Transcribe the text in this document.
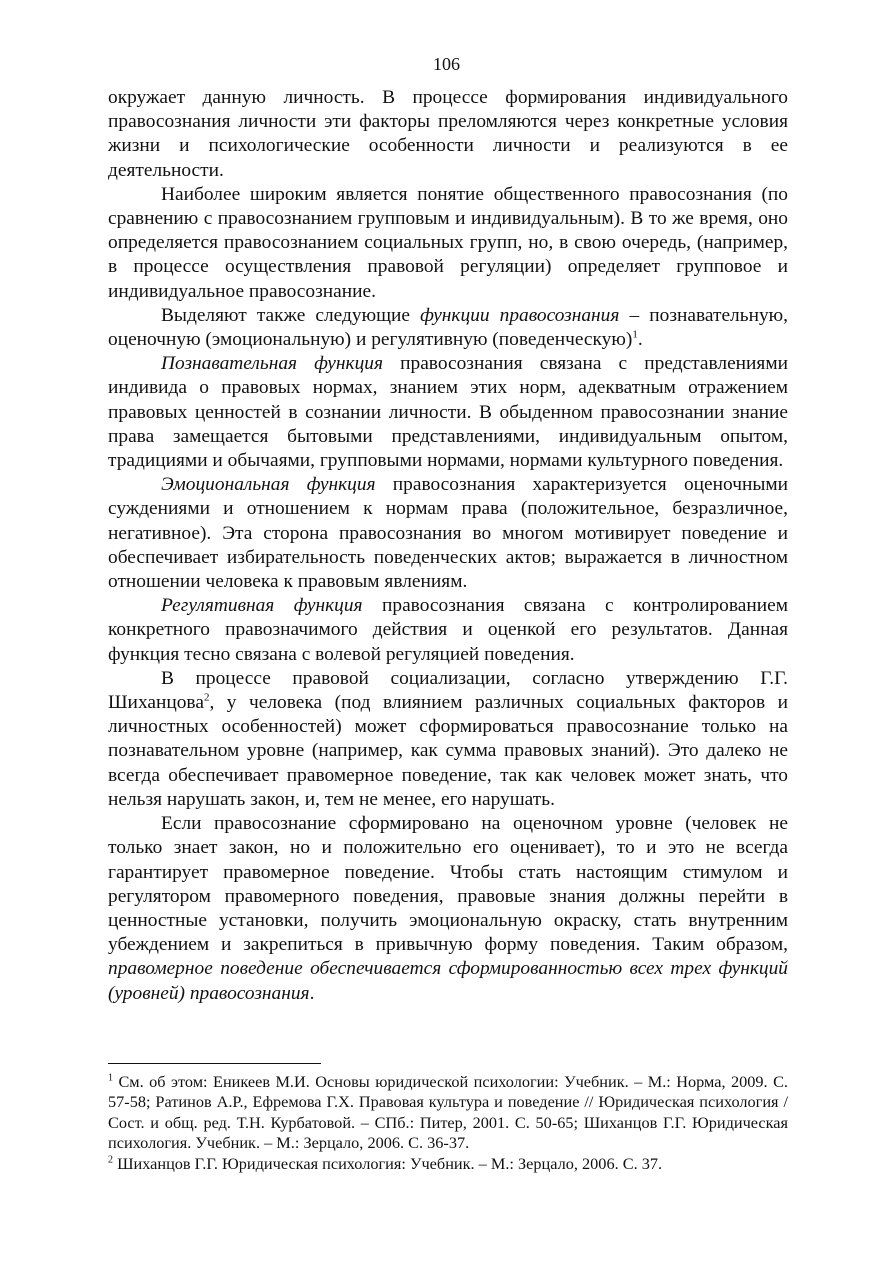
106

окружает данную личность. В процессе формирования индивидуального правосознания личности эти факторы преломляются через конкретные условия жизни и психологические особенности личности и реализуются в ее деятельности.

Наиболее широким является понятие общественного правосознания (по сравнению с правосознанием групповым и индивидуальным). В то же время, оно определяется правосознанием социальных групп, но, в свою очередь, (например, в процессе осуществления правовой регуляции) определяет групповое и индивидуальное правосознание.

Выделяют также следующие функции правосознания – познавательную, оценочную (эмоциональную) и регулятивную (поведенческую)$^1$.

Познавательная функция правосознания связана с представлениями индивида о правовых нормах, знанием этих норм, адекватным отражением правовых ценностей в сознании личности. В обыденном правосознании знание права замещается бытовыми представлениями, индивидуальным опытом, традициями и обычаями, групповыми нормами, нормами культурного поведения.

Эмоциональная функция правосознания характеризуется оценочными суждениями и отношением к нормам права (положительное, безразличное, негативное). Эта сторона правосознания во многом мотивирует поведение и обеспечивает избирательность поведенческих актов; выражается в личностном отношении человека к правовым явлениям.

Регулятивная функция правосознания связана с контролированием конкретного правозначимого действия и оценкой его результатов. Данная функция тесно связана с волевой регуляцией поведения.

В процессе правовой социализации, согласно утверждению Г.Г. Шиханцова$^2$, у человека (под влиянием различных социальных факторов и личностных особенностей) может сформироваться правосознание только на познавательном уровне (например, как сумма правовых знаний). Это далеко не всегда обеспечивает правомерное поведение, так как человек может знать, что нельзя нарушать закон, и, тем не менее, его нарушать.

Если правосознание сформировано на оценочном уровне (человек не только знает закон, но и положительно его оценивает), то и это не всегда гарантирует правомерное поведение. Чтобы стать настоящим стимулом и регулятором правомерного поведения, правовые знания должны перейти в ценностные установки, получить эмоциональную окраску, стать внутренним убеждением и закрепиться в привычную форму поведения. Таким образом, правомерное поведение обеспечивается сформированностью всех трех функций (уровней) правосознания.

$^1$ См. об этом: Еникеев М.И. Основы юридической психологии: Учебник. – М.: Норма, 2009. С. 57-58; Ратинов А.Р., Ефремова Г.Х. Правовая культура и поведение // Юридическая психология / Сост. и общ. ред. Т.Н. Курбатовой. – СПб.: Питер, 2001. С. 50-65; Шиханцов Г.Г. Юридическая психология. Учебник. – М.: Зерцало, 2006. С. 36-37.

$^2$ Шиханцов Г.Г. Юридическая психология: Учебник. – М.: Зерцало, 2006. С. 37.
